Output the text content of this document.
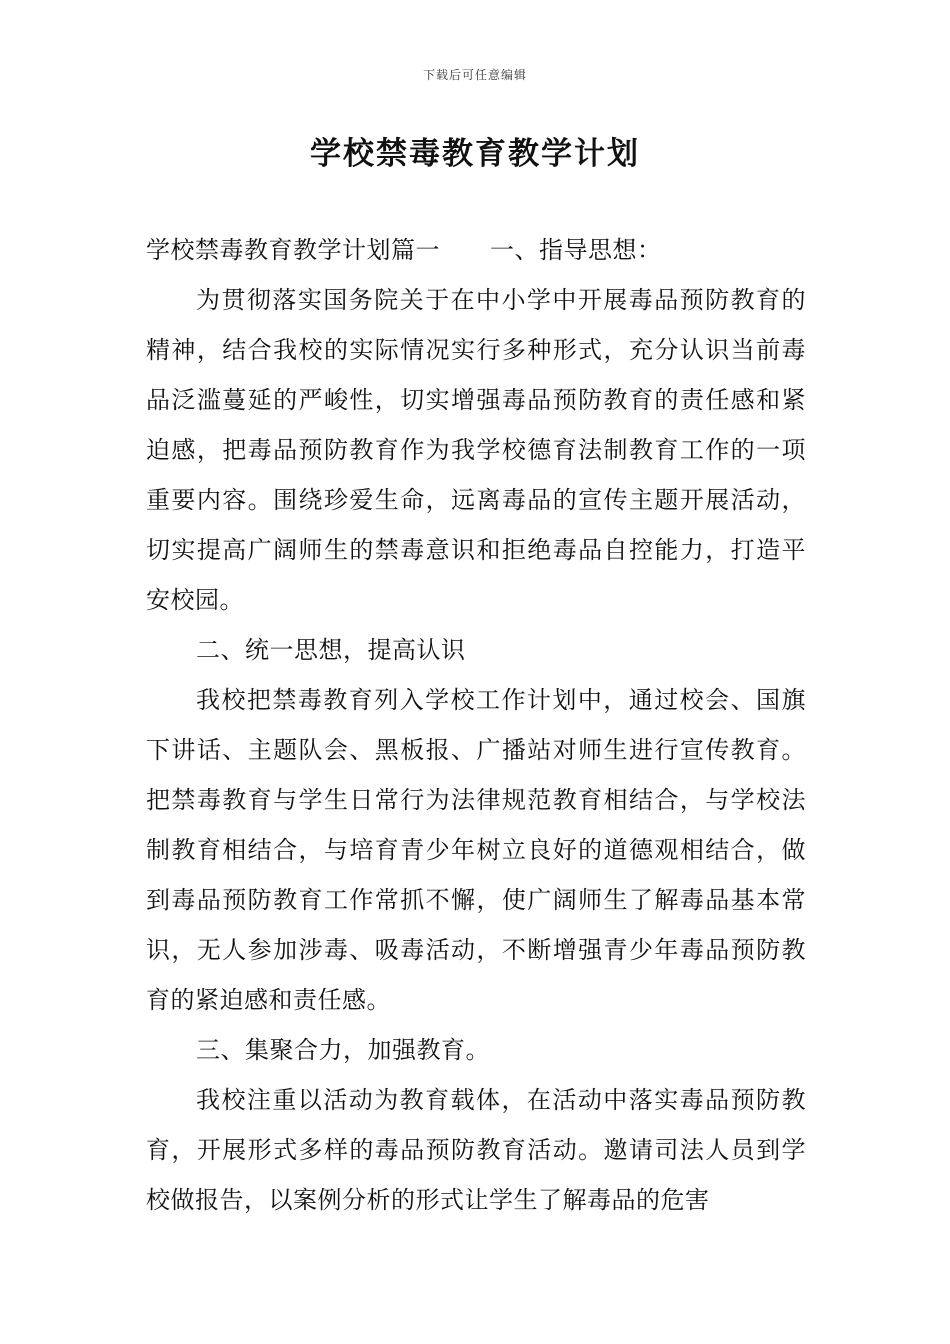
下载后可任意编辑
学校禁毒教育教学计划

学校禁毒教育教学计划篇一 一、指导思想：

为贯彻落实国务院关于在中小学中开展毒品预防教育的精神，结合我校的实际情况实行多种形式，充分认识当前毒品泛滥蔓延的严峻性，切实增强毒品预防教育的责任感和紧迫感，把毒品预防教育作为我学校德育法制教育工作的一项重要内容。围绕珍爱生命，远离毒品的宣传主题开展活动，切实提高广阔师生的禁毒意识和拒绝毒品自控能力，打造平安校园。

二、统一思想，提高认识

我校把禁毒教育列入学校工作计划中，通过校会、国旗下讲话、主题队会、黑板报、广播站对师生进行宣传教育。把禁毒教育与学生日常行为法律规范教育相结合，与学校法制教育相结合，与培育青少年树立良好的道德观相结合，做到毒品预防教育工作常抓不懈，使广阔师生了解毒品基本常识，无人参加涉毒、吸毒活动，不断增强青少年毒品预防教育的紧迫感和责任感。

三、集聚合力，加强教育。

我校注重以活动为教育载体，在活动中落实毒品预防教育，开展形式多样的毒品预防教育活动。邀请司法人员到学校做报告，以案例分析的形式让学生了解毒品的危害
